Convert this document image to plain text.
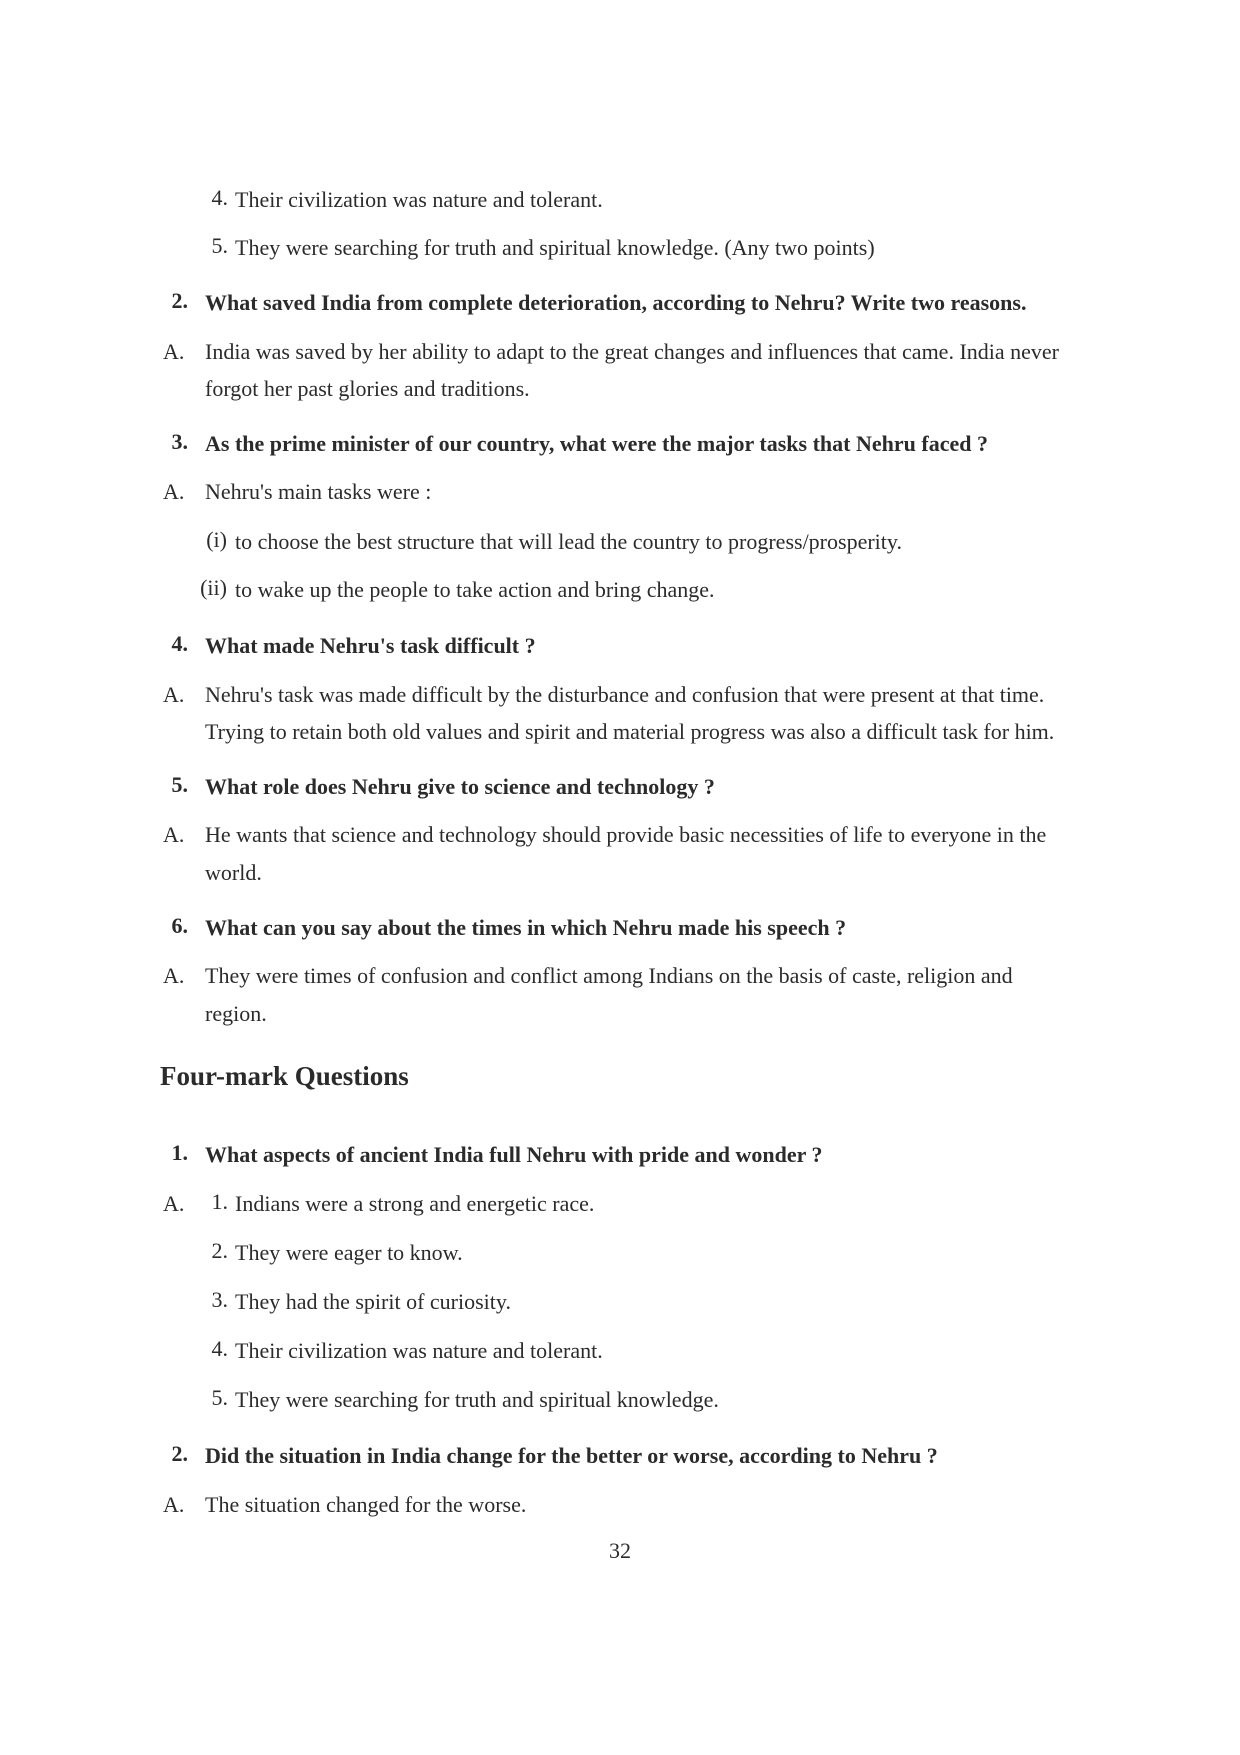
4. Their civilization was nature and tolerant.
5. They were searching for truth and spiritual knowledge. (Any two points)
2. What saved India from complete deterioration, according to Nehru? Write two reasons.
A. India was saved by her ability to adapt to the great changes and influences that came. India never
forgot her past glories and traditions.
3. As the prime minister of our country, what were the major tasks that Nehru faced ?
A. Nehru's main tasks were :
(i) to choose the best structure that will lead the country to progress/prosperity.
(ii) to wake up the people to take action and bring change.
4. What made Nehru's task difficult ?
A. Nehru's task was made difficult by the disturbance and confusion that were present at that time.
Trying to retain both old values and spirit and material progress was also a difficult task for him.
5. What role does Nehru give to science and technology ?
A. He wants that science and technology should provide basic necessities of life to everyone in the
world.
6. What can you say about the times in which Nehru made his speech ?
A. They were times of confusion and conflict among Indians on the basis of caste, religion and
region.
Four-mark Questions
1. What aspects of ancient India full Nehru with pride and wonder ?
A.	1. Indians were a strong and energetic race.
2. They were eager to know.
3. They had the spirit of curiosity.
4. Their civilization was nature and tolerant.
5. They were searching for truth and spiritual knowledge.
2. Did the situation in India change for the better or worse, according to Nehru ?
A. The situation changed for the worse.
32
